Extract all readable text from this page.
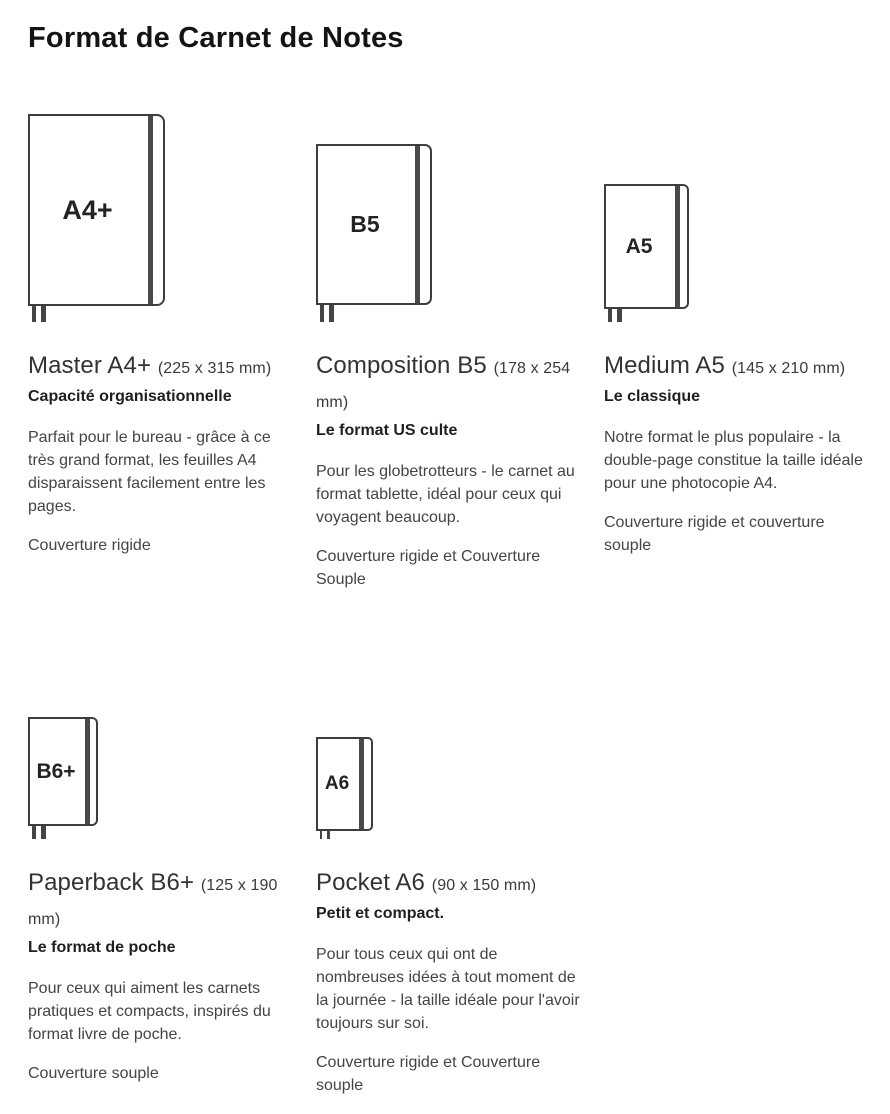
Format de Carnet de Notes
A4+
Master A4+ (225 x 315 mm)

Capacité organisationnelle

Parfait pour le bureau - grâce à ce très grand format, les feuilles A4 disparaissent facilement entre les pages.

Couverture rigide

B5
Composition B5 (178 x 254 mm)

Le format US culte

Pour les globetrotteurs - le carnet au format tablette, idéal pour ceux qui voyagent beaucoup.

Couverture rigide et Couverture Souple

A5
Medium A5 (145 x 210 mm)

Le classique

Notre format le plus populaire - la double-page constitue la taille idéale pour une photocopie A4.

Couverture rigide et couverture souple

B6+
Paperback B6+ (125 x 190 mm)

Le format de poche

Pour ceux qui aiment les carnets pratiques et compacts, inspirés du format livre de poche.

Couverture souple

A6
Pocket A6 (90 x 150 mm)

Petit et compact.

Pour tous ceux qui ont de nombreuses idées à tout moment de la journée - la taille idéale pour l'avoir toujours sur soi.

Couverture rigide et Couverture souple
